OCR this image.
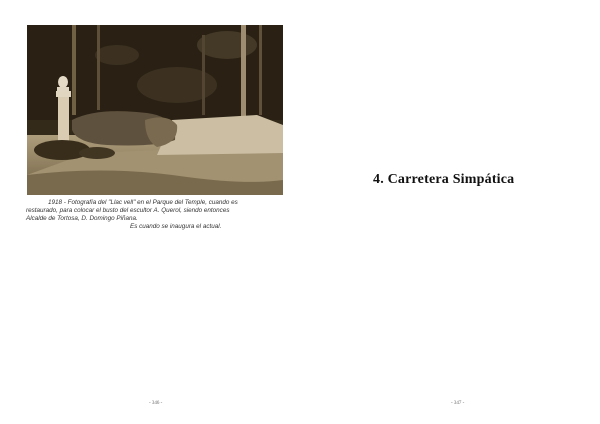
1918 - Fotografía del "Llac vell" en el Parque del Temple, cuando es
restaurado, para colocar el busto del escultor A. Querol, siendo entonces
Alcalde de Tortosa, D. Domingo Piñana.
Es cuando se inaugura el actual.
- 346 -	- 347 -
4. Carretera Simpática
